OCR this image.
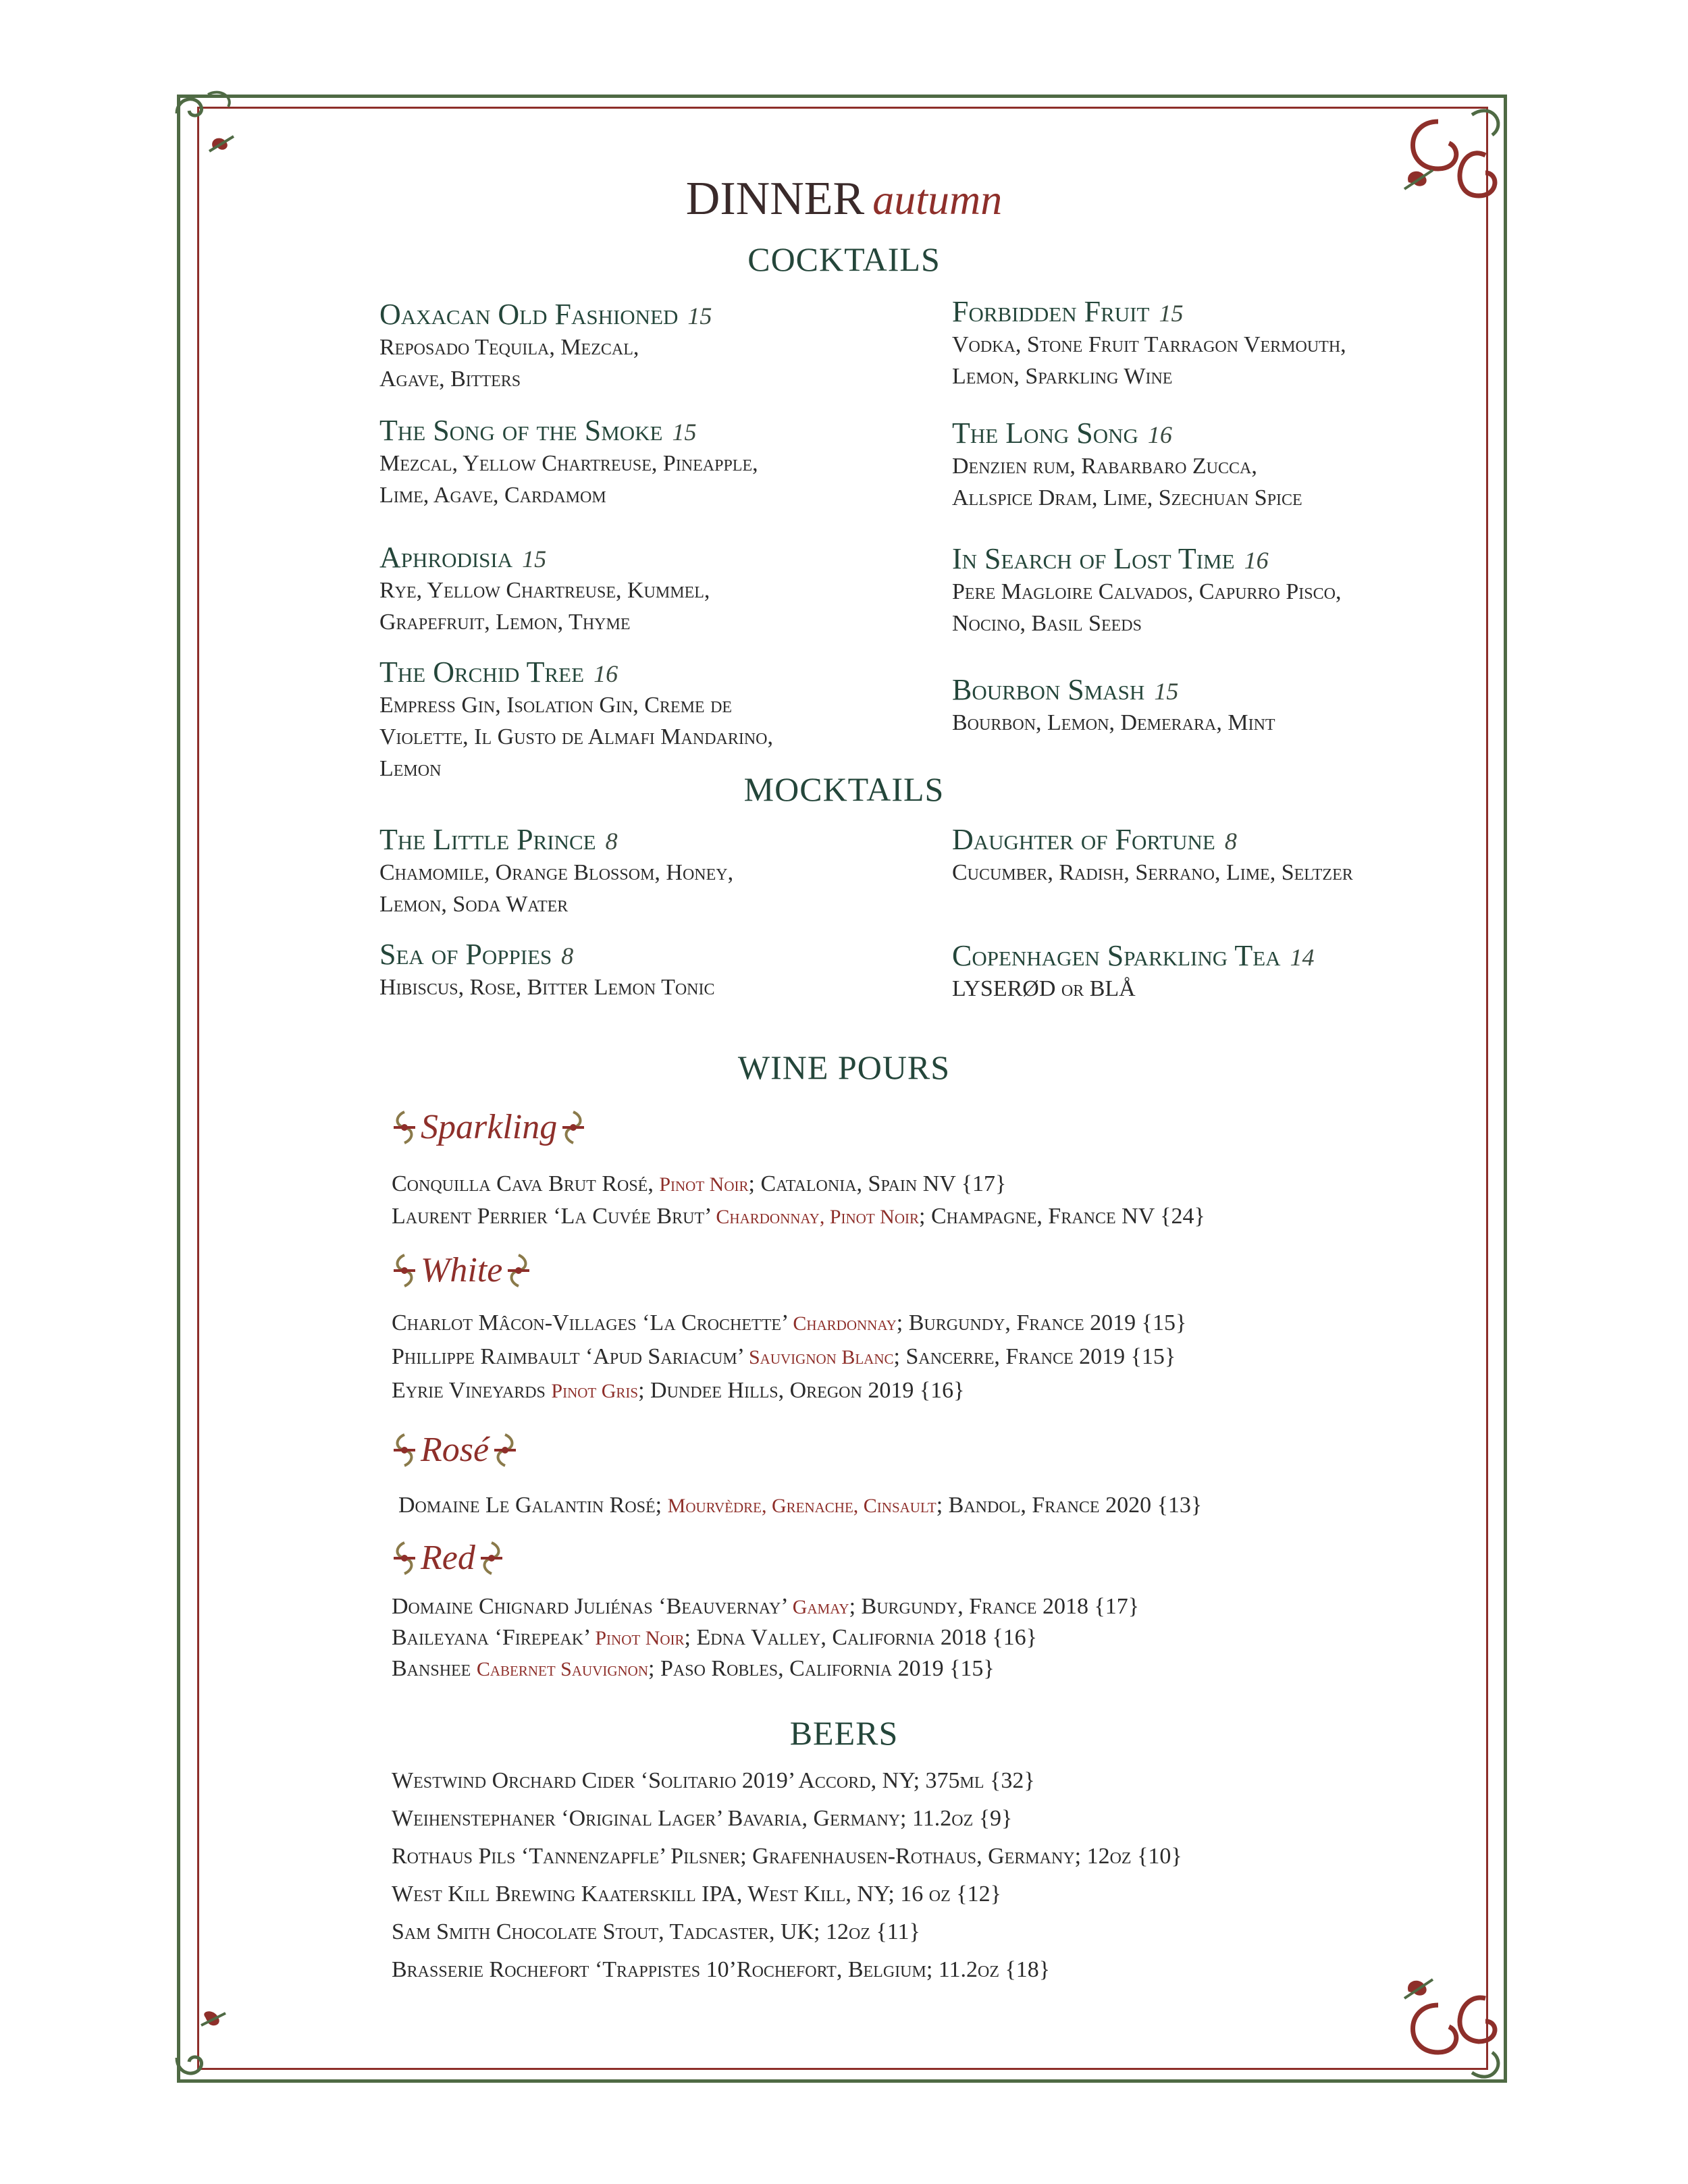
DINNER autumn
COCKTAILS
Oaxacan Old Fashioned 15
Reposado Tequila, Mezcal,
Agave, Bitters
The Song of the Smoke 15
Mezcal, Yellow Chartreuse, Pineapple,
Lime, Agave, Cardamom
Aphrodisia 15
Rye, Yellow Chartreuse, Kummel,
Grapefruit, Lemon, Thyme
The Orchid Tree 16
Empress Gin, Isolation Gin, Creme de
Violette, Il Gusto de Almafi Mandarino,
Lemon
Forbidden Fruit 15
Vodka, Stone Fruit Tarragon Vermouth,
Lemon, Sparkling Wine
The Long Song 16
Denzien rum, Rabarbaro Zucca,
Allspice Dram, Lime, Szechuan Spice
In Search of Lost Time 16
Pere Magloire Calvados, Capurro Pisco,
Nocino, Basil Seeds
Bourbon Smash 15
Bourbon, Lemon, Demerara, Mint
MOCKTAILS
The Little Prince 8
Chamomile, Orange Blossom, Honey,
Lemon, Soda Water
Sea of Poppies 8
Hibiscus, Rose, Bitter Lemon Tonic
Daughter of Fortune 8
Cucumber, Radish, Serrano, Lime, Seltzer
Copenhagen Sparkling Tea 14
LYSERØD or BLÅ
WINE POURS
Sparkling
Conquilla Cava Brut Rosé, Pinot Noir; Catalonia, Spain NV {17}
Laurent Perrier ‘La Cuvée Brut’ Chardonnay, Pinot Noir; Champagne, France NV {24}
White
Charlot Mâcon-Villages ‘La Crochette’ Chardonnay; Burgundy, France 2019 {15}
Phillippe Raimbault ‘Apud Sariacum’ Sauvignon Blanc; Sancerre, France 2019 {15}
Eyrie Vineyards Pinot Gris; Dundee Hills, Oregon 2019 {16}
Rosé
Domaine Le Galantin Rosé; Mourvèdre, Grenache, Cinsault; Bandol, France 2020 {13}
Red
Domaine Chignard Juliénas ‘Beauvernay’ Gamay; Burgundy, France 2018 {17}
Baileyana ‘Firepeak’ Pinot Noir; Edna Valley, California 2018 {16}
Banshee Cabernet Sauvignon; Paso Robles, California 2019 {15}
BEERS
Westwind Orchard Cider ‘Solitario 2019’ Accord, NY; 375ml {32}
Weihenstephaner ‘Original Lager’ Bavaria, Germany; 11.2oz {9}
Rothaus Pils ‘Tannenzapfle’ Pilsner; Grafenhausen-Rothaus, Germany; 12oz {10}
West Kill Brewing Kaaterskill IPA, West Kill, NY; 16 oz {12}
Sam Smith Chocolate Stout, Tadcaster, UK; 12oz {11}
Brasserie Rochefort ‘Trappistes 10’Rochefort, Belgium; 11.2oz {18}
